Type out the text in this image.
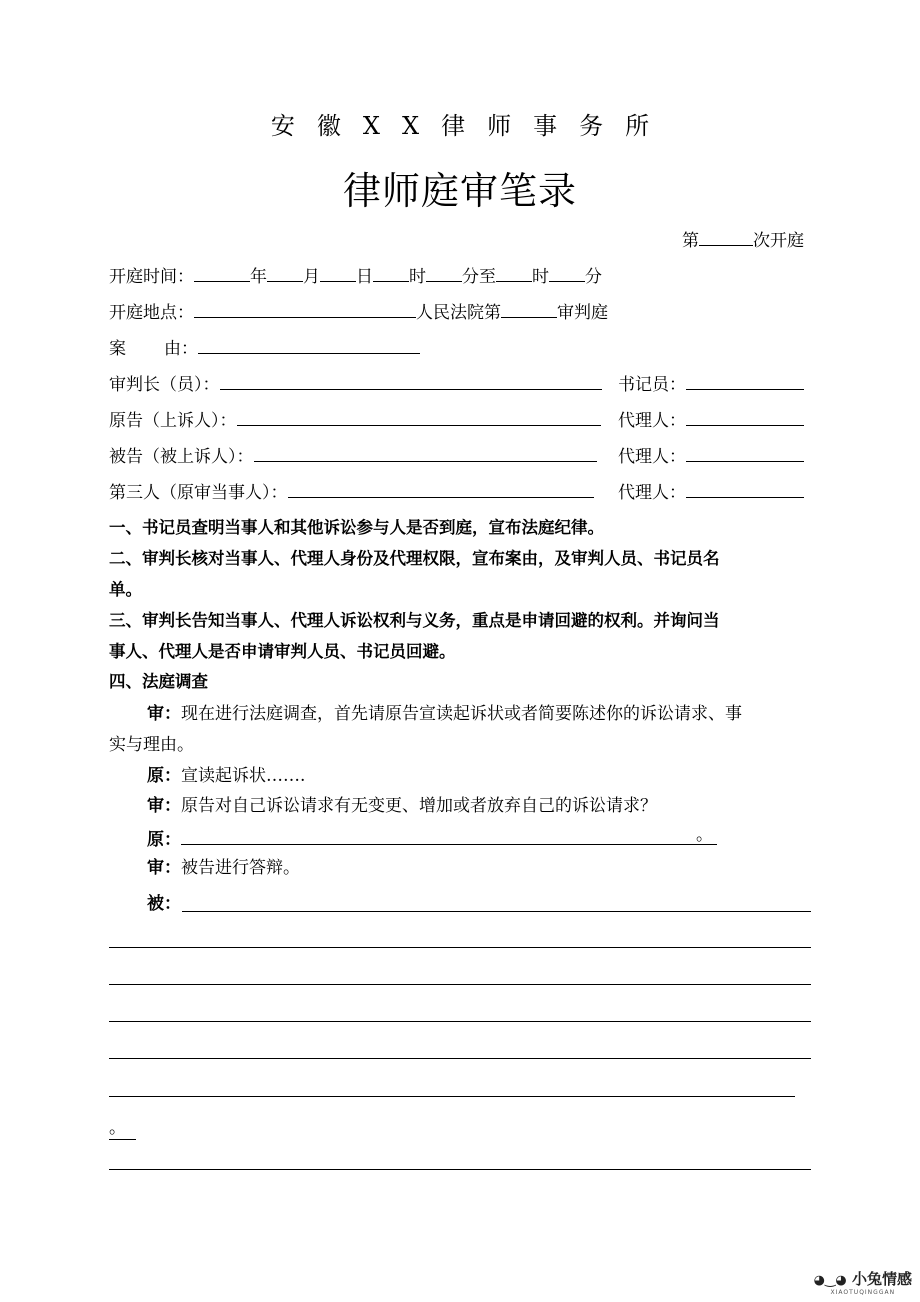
安徽XX律师事务所
律师庭审笔录
第	次开庭
开庭时间：	年 月 日 时 分至 时 分
开庭地点：	人民法院第	审判庭
案 由：
审判长（员）：	书记员：
原告（上诉人）：	代理人：
被告（被上诉人）：	代理人：
第三人（原审当事人）：	代理人：
一、书记员查明当事人和其他诉讼参与人是否到庭，宣布法庭纪律。
二、审判长核对当事人、代理人身份及代理权限，宣布案由，及审判人员、书记员名
单。
三、审判长告知当事人、代理人诉讼权利与义务，重点是申请回避的权利。并询问当
事人、代理人是否申请审判人员、书记员回避。
四、法庭调查
审：现在进行法庭调查，首先请原告宣读起诉状或者简要陈述你的诉讼请求、事
实与理由。
原：宣读起诉状…….
审：原告对自己诉讼请求有无变更、增加或者放弃自己的诉讼请求？
原：	。
审：被告进行答辩。
被：
。
◕‿◕ 小兔情感
XIAOTUQINGGAN
